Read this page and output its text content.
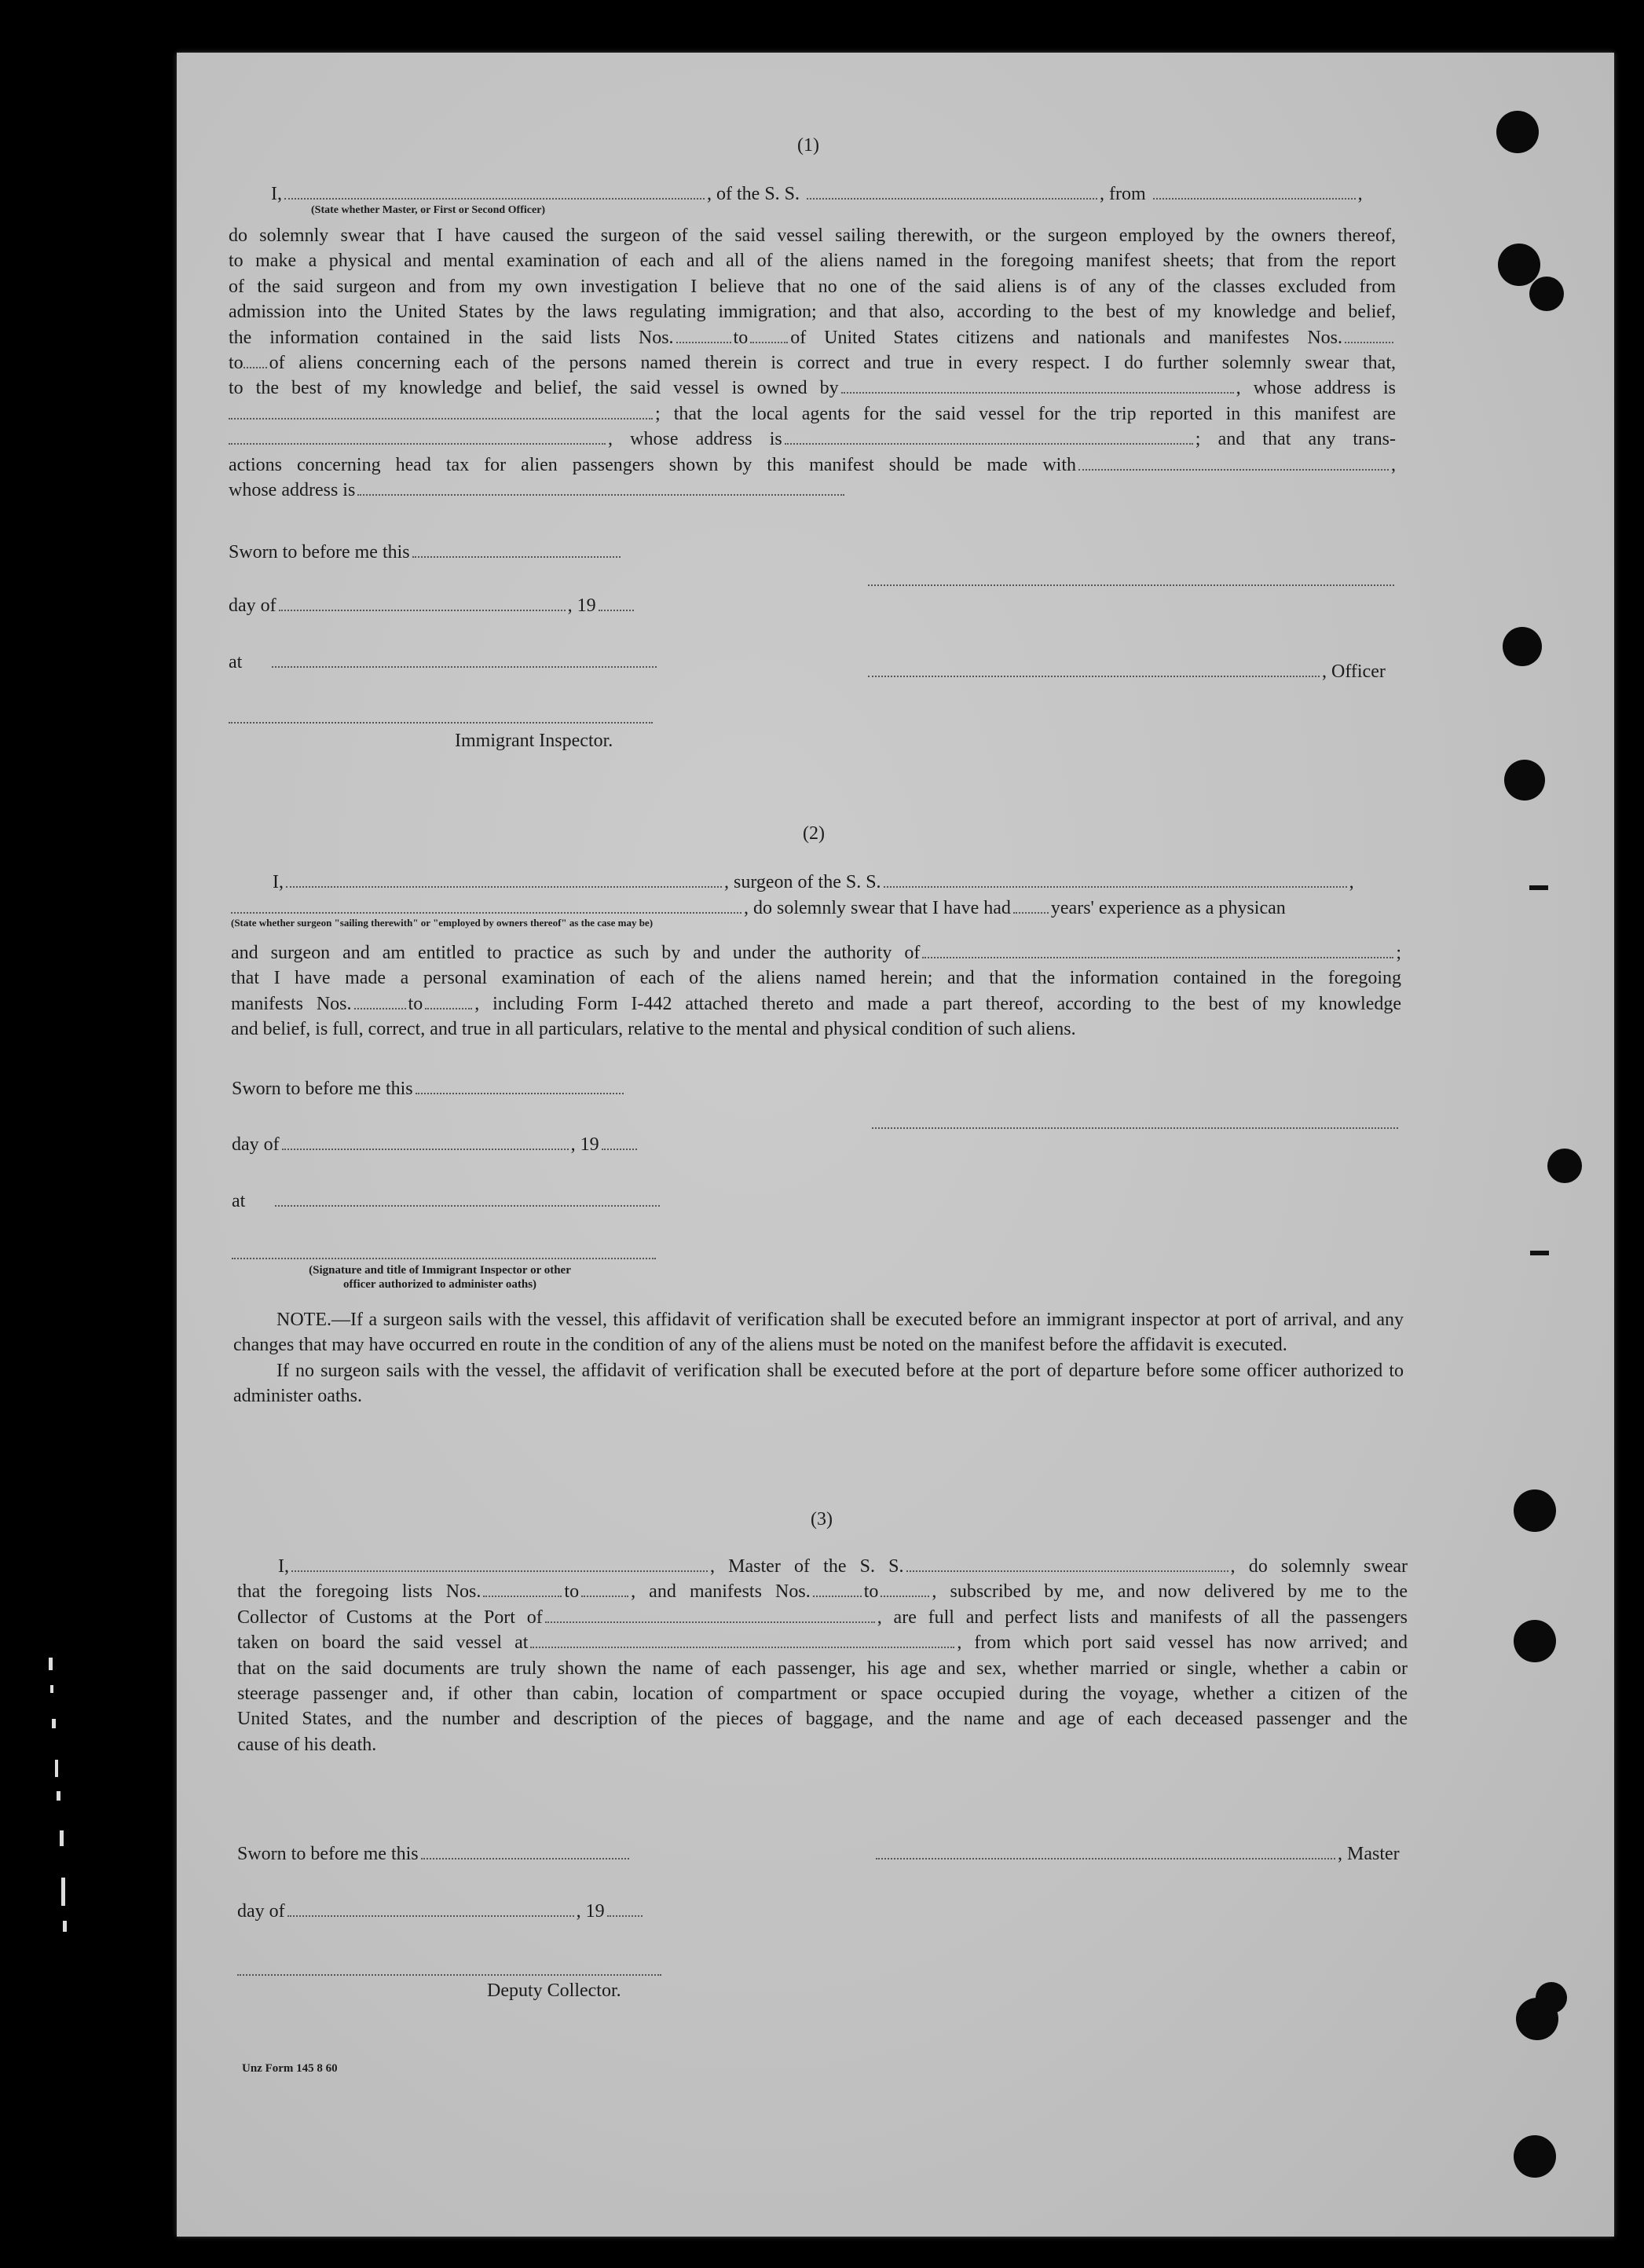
(1)
I,	, of the S. S.	, from	,
(State whether Master, or First or Second Officer)

do solemnly swear that I have caused the surgeon of the said vessel sailing therewith, or the surgeon employed by the owners thereof,

to make a physical and mental examination of each and all of the aliens named in the foregoing manifest sheets; that from the report

of the said surgeon and from my own investigation I believe that no one of the said aliens is of any of the classes excluded from

admission into the United States by the laws regulating immigration; and that also, according to the best of my knowledge and belief,

the information contained in the said lists Nos.	to of United States citizens and nationals and manifestes Nos.

to of aliens concerning each of the persons named therein is correct and true in every respect. I do further solemnly swear that,

to the best of my knowledge and belief, the said vessel is owned by	, whose address is

; that the local agents for the said vessel for the trip reported in this manifest are

, whose address is	; and that any trans-

actions concerning head tax for alien passengers shown by this manifest should be made with	,

whose address is

Sworn to before me this
day of	, 19
at	, Officer
Immigrant Inspector.
(2)
I,	, surgeon of the S. S.	,
, do solemnly swear that I have had years' experience as a physican
(State whether surgeon "sailing therewith" or "employed by owners thereof" as the case may be)

and surgeon and am entitled to practice as such by and under the authority of	;

that I have made a personal examination of each of the aliens named herein; and that the information contained in the foregoing

manifests Nos.	to	, including Form I-442 attached thereto and made a part thereof, according to the best of my knowledge

and belief, is full, correct, and true in all particulars, relative to the mental and physical condition of such aliens.

Sworn to before me this
day of	, 19
at
(Signature and title of Immigrant Inspector or other
officer authorized to administer oaths)

NOTE.—If a surgeon sails with the vessel, this affidavit of verification shall be executed before an immigrant inspector at port of arrival, and any changes that may have occurred en route in the condition of any of the aliens must be noted on the manifest before the affidavit is executed.

If no surgeon sails with the vessel, the affidavit of verification shall be executed before at the port of departure before some officer authorized to administer oaths.

(3)

I,	, Master of the S. S.	, do solemnly swear

that the foregoing lists Nos.	to	, and manifests Nos.	to	, subscribed by me, and now delivered by me to the

Collector of Customs at the Port of	, are full and perfect lists and manifests of all the passengers

taken on board the said vessel at	, from which port said vessel has now arrived; and

that on the said documents are truly shown the name of each passenger, his age and sex, whether married or single, whether a cabin or

steerage passenger and, if other than cabin, location of compartment or space occupied during the voyage, whether a citizen of the

United States, and the number and description of the pieces of baggage, and the name and age of each deceased passenger and the

cause of his death.

Sworn to before me this	, Master
day of	, 19
Deputy Collector.
Unz Form 145 8 60
